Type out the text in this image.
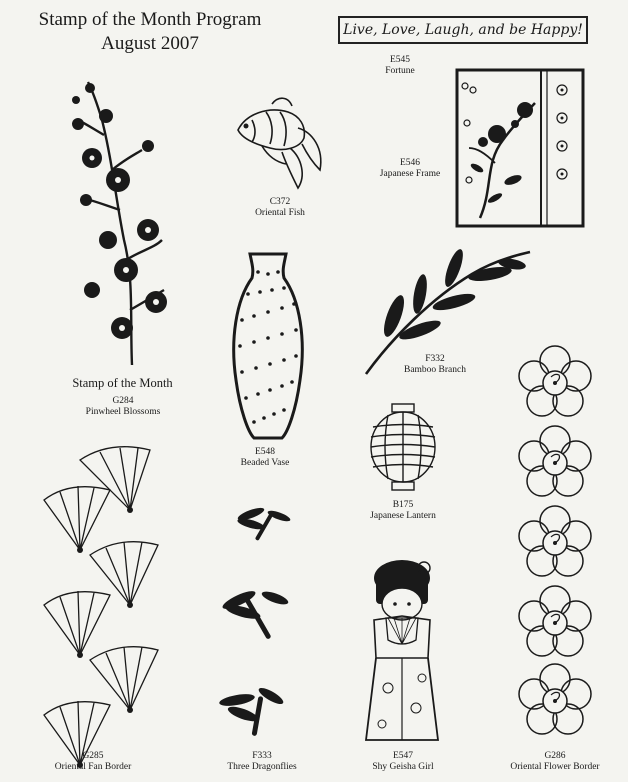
Stamp of the Month Program
August 2007
Live, Love, Laugh, and be Happy!
E545
Fortune
E546
Japanese Frame
C372
Oriental Fish
Stamp of the Month
G284
Pinwheel Blossoms
E548
Beaded Vase
F332
Bamboo Branch
B175
Japanese Lantern
G285
Oriental Fan Border
F333
Three Dragonflies
E547
Shy Geisha Girl
G286
Oriental Flower Border
